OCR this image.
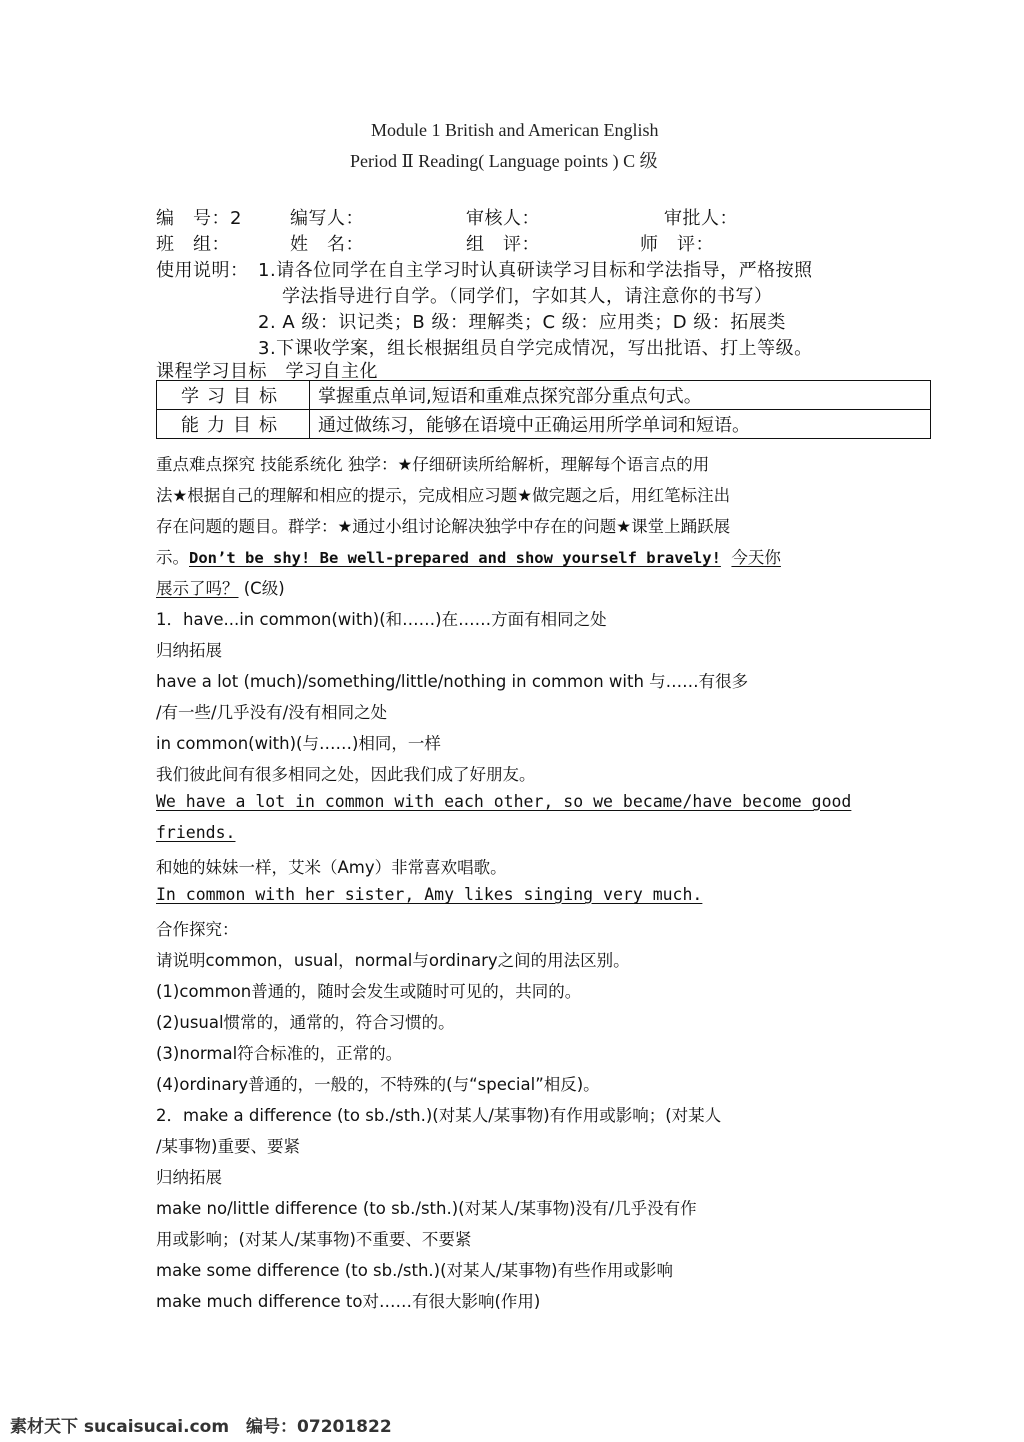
Module 1 British and American English
Period Ⅱ Reading( Language points ) C 级
编　号：2	编写人：	审核人：	审批人：
班　组：	姓　名：	组　评：	师　评：
使用说明： 1.请各位同学在自主学习时认真研读学习目标和学法指导，严格按照
学法指导进行自学。（同学们，字如其人，请注意你的书写）
2. A 级：识记类；B 级：理解类；C 级：应用类；D 级：拓展类
3.下课收学案，组长根据组员自学完成情况，写出批语、打上等级。
课程学习目标　学习自主化
学习目标	掌握重点单词,短语和重难点探究部分重点句式。
能力目标	通过做练习，能够在语境中正确运用所学单词和短语。
重点难点探究 技能系统化 独学：★仔细研读所给解析，理解每个语言点的用
法★根据自己的理解和相应的提示，完成相应习题★做完题之后，用红笔标注出
存在问题的题目。群学：★通过小组讨论解决独学中存在的问题★课堂上踊跃展
示。Don’t be shy! Be well-prepared and show yourself bravely! 今天你
展示了吗？ (C级)
1．have...in common(with)(和……)在……方面有相同之处
归纳拓展
have a lot (much)/something/little/nothing in common with 与……有很多
/有一些/几乎没有/没有相同之处
in common(with)(与……)相同，一样
我们彼此间有很多相同之处，因此我们成了好朋友。
We have a lot in common with each other, so we became/have become good
friends.
和她的妹妹一样，艾米（Amy）非常喜欢唱歌。
In common with her sister, Amy likes singing very much.
合作探究：
请说明common，usual，normal与ordinary之间的用法区别。
(1)common普通的，随时会发生或随时可见的，共同的。
(2)usual惯常的，通常的，符合习惯的。
(3)normal符合标准的，正常的。
(4)ordinary普通的，一般的，不特殊的(与“special”相反)。
2．make a difference (to sb./sth.)(对某人/某事物)有作用或影响；(对某人
/某事物)重要、要紧
归纳拓展
make no/little difference (to sb./sth.)(对某人/某事物)没有/几乎没有作
用或影响；(对某人/某事物)不重要、不要紧
make some difference (to sb./sth.)(对某人/某事物)有些作用或影响
make much difference to对……有很大影响(作用)
素材天下 sucaisucai.com　编号：07201822
